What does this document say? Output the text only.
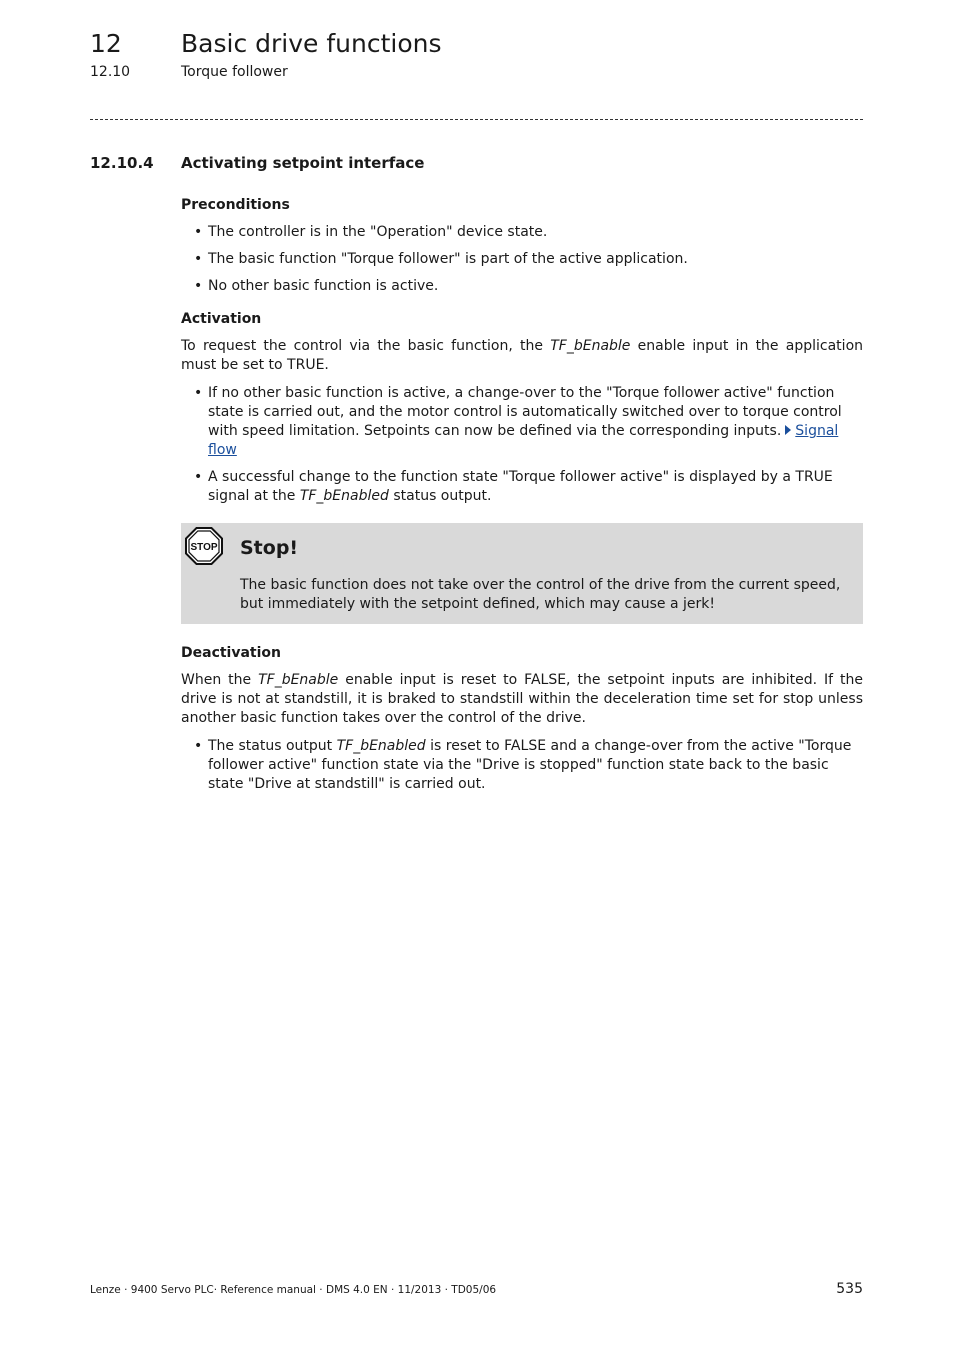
12 Basic drive functions
12.10	Torque follower
12.10.4 Activating setpoint interface
Preconditions
• The controller is in the "Operation" device state.
• The basic function "Torque follower" is part of the active application.
• No other basic function is active.
Activation

To request the control via the basic function, the TF_bEnable enable input in the application must be set to TRUE.

• If no other basic function is active, a change-over to the "Torque follower active" function state is carried out, and the motor control is automatically switched over to torque control with speed limitation. Setpoints can now be defined via the corresponding inputs. Signal flow
• A successful change to the function state "Torque follower active" is displayed by a TRUE signal at the TF_bEnabled status output.
STOP Stop!

The basic function does not take over the control of the drive from the current speed, but immediately with the setpoint defined, which may cause a jerk!

Deactivation

When the TF_bEnable enable input is reset to FALSE, the setpoint inputs are inhibited. If the drive is not at standstill, it is braked to standstill within the deceleration time set for stop unless another basic function takes over the control of the drive.

• The status output TF_bEnabled is reset to FALSE and a change-over from the active "Torque follower active" function state via the "Drive is stopped" function state back to the basic state "Drive at standstill" is carried out.
Lenze · 9400 Servo PLC· Reference manual · DMS 4.0 EN · 11/2013 · TD05/06	535
